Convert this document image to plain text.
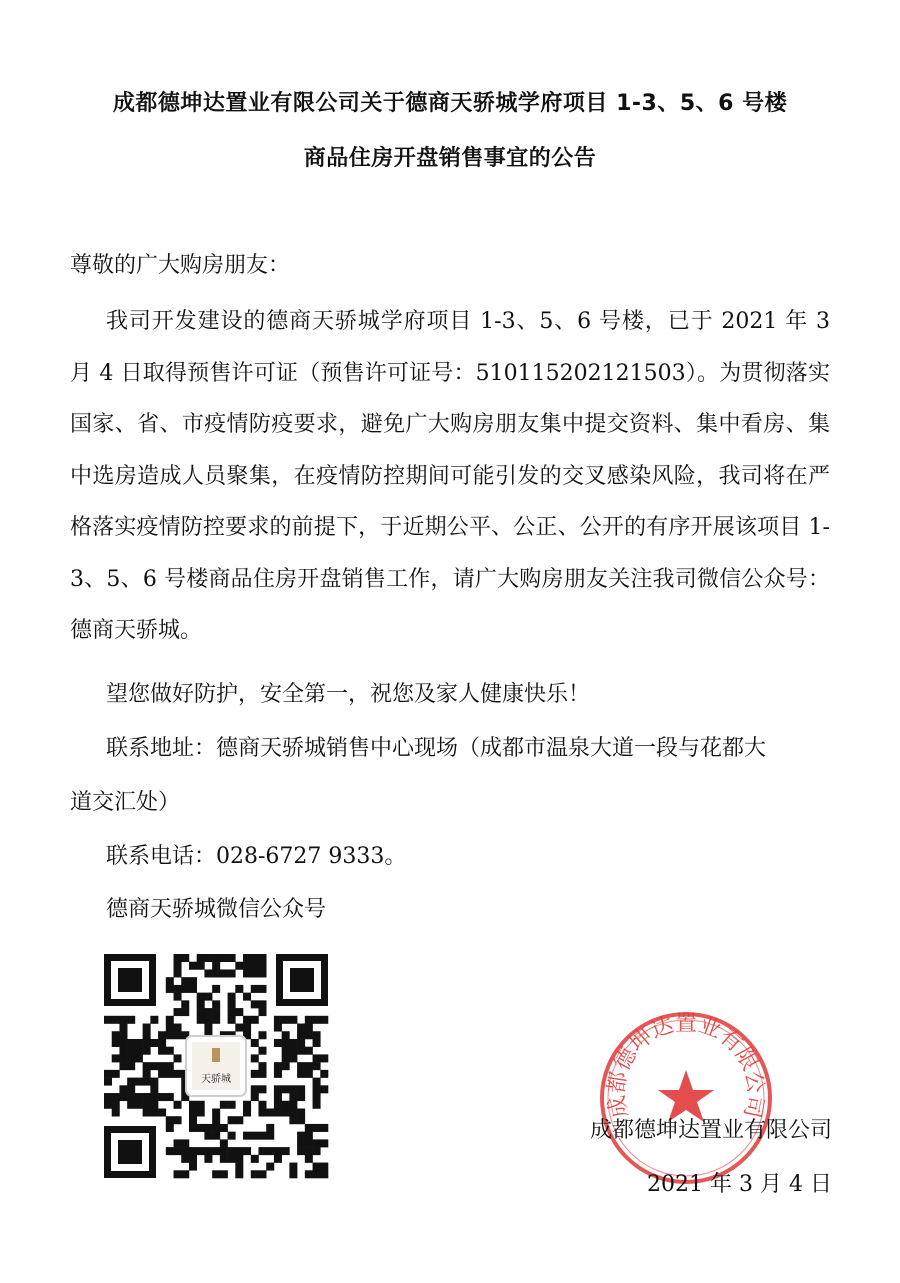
成都德坤达置业有限公司关于德商天骄城学府项目 1-3、5、6 号楼
商品住房开盘销售事宜的公告
尊敬的广大购房朋友：
我司开发建设的德商天骄城学府项目 1-3、5、6 号楼，已于 2021 年 3 月 4 日取得预售许可证（预售许可证号：510115202121503）。为贯彻落实国家、省、市疫情防疫要求，避免广大购房朋友集中提交资料、集中看房、集中选房造成人员聚集，在疫情防控期间可能引发的交叉感染风险，我司将在严格落实疫情防控要求的前提下，于近期公平、公正、公开的有序开展该项目 1-3、5、6 号楼商品住房开盘销售工作，请广大购房朋友关注我司微信公众号：德商天骄城。
望您做好防护，安全第一，祝您及家人健康快乐！
联系地址：德商天骄城销售中心现场（成都市温泉大道一段与花都大
道交汇处）
联系电话：028-6727 9333。
德商天骄城微信公众号
天骄城
成都德坤达置业有限公司
成都德坤达置业有限公司
2021 年 3 月 4 日
